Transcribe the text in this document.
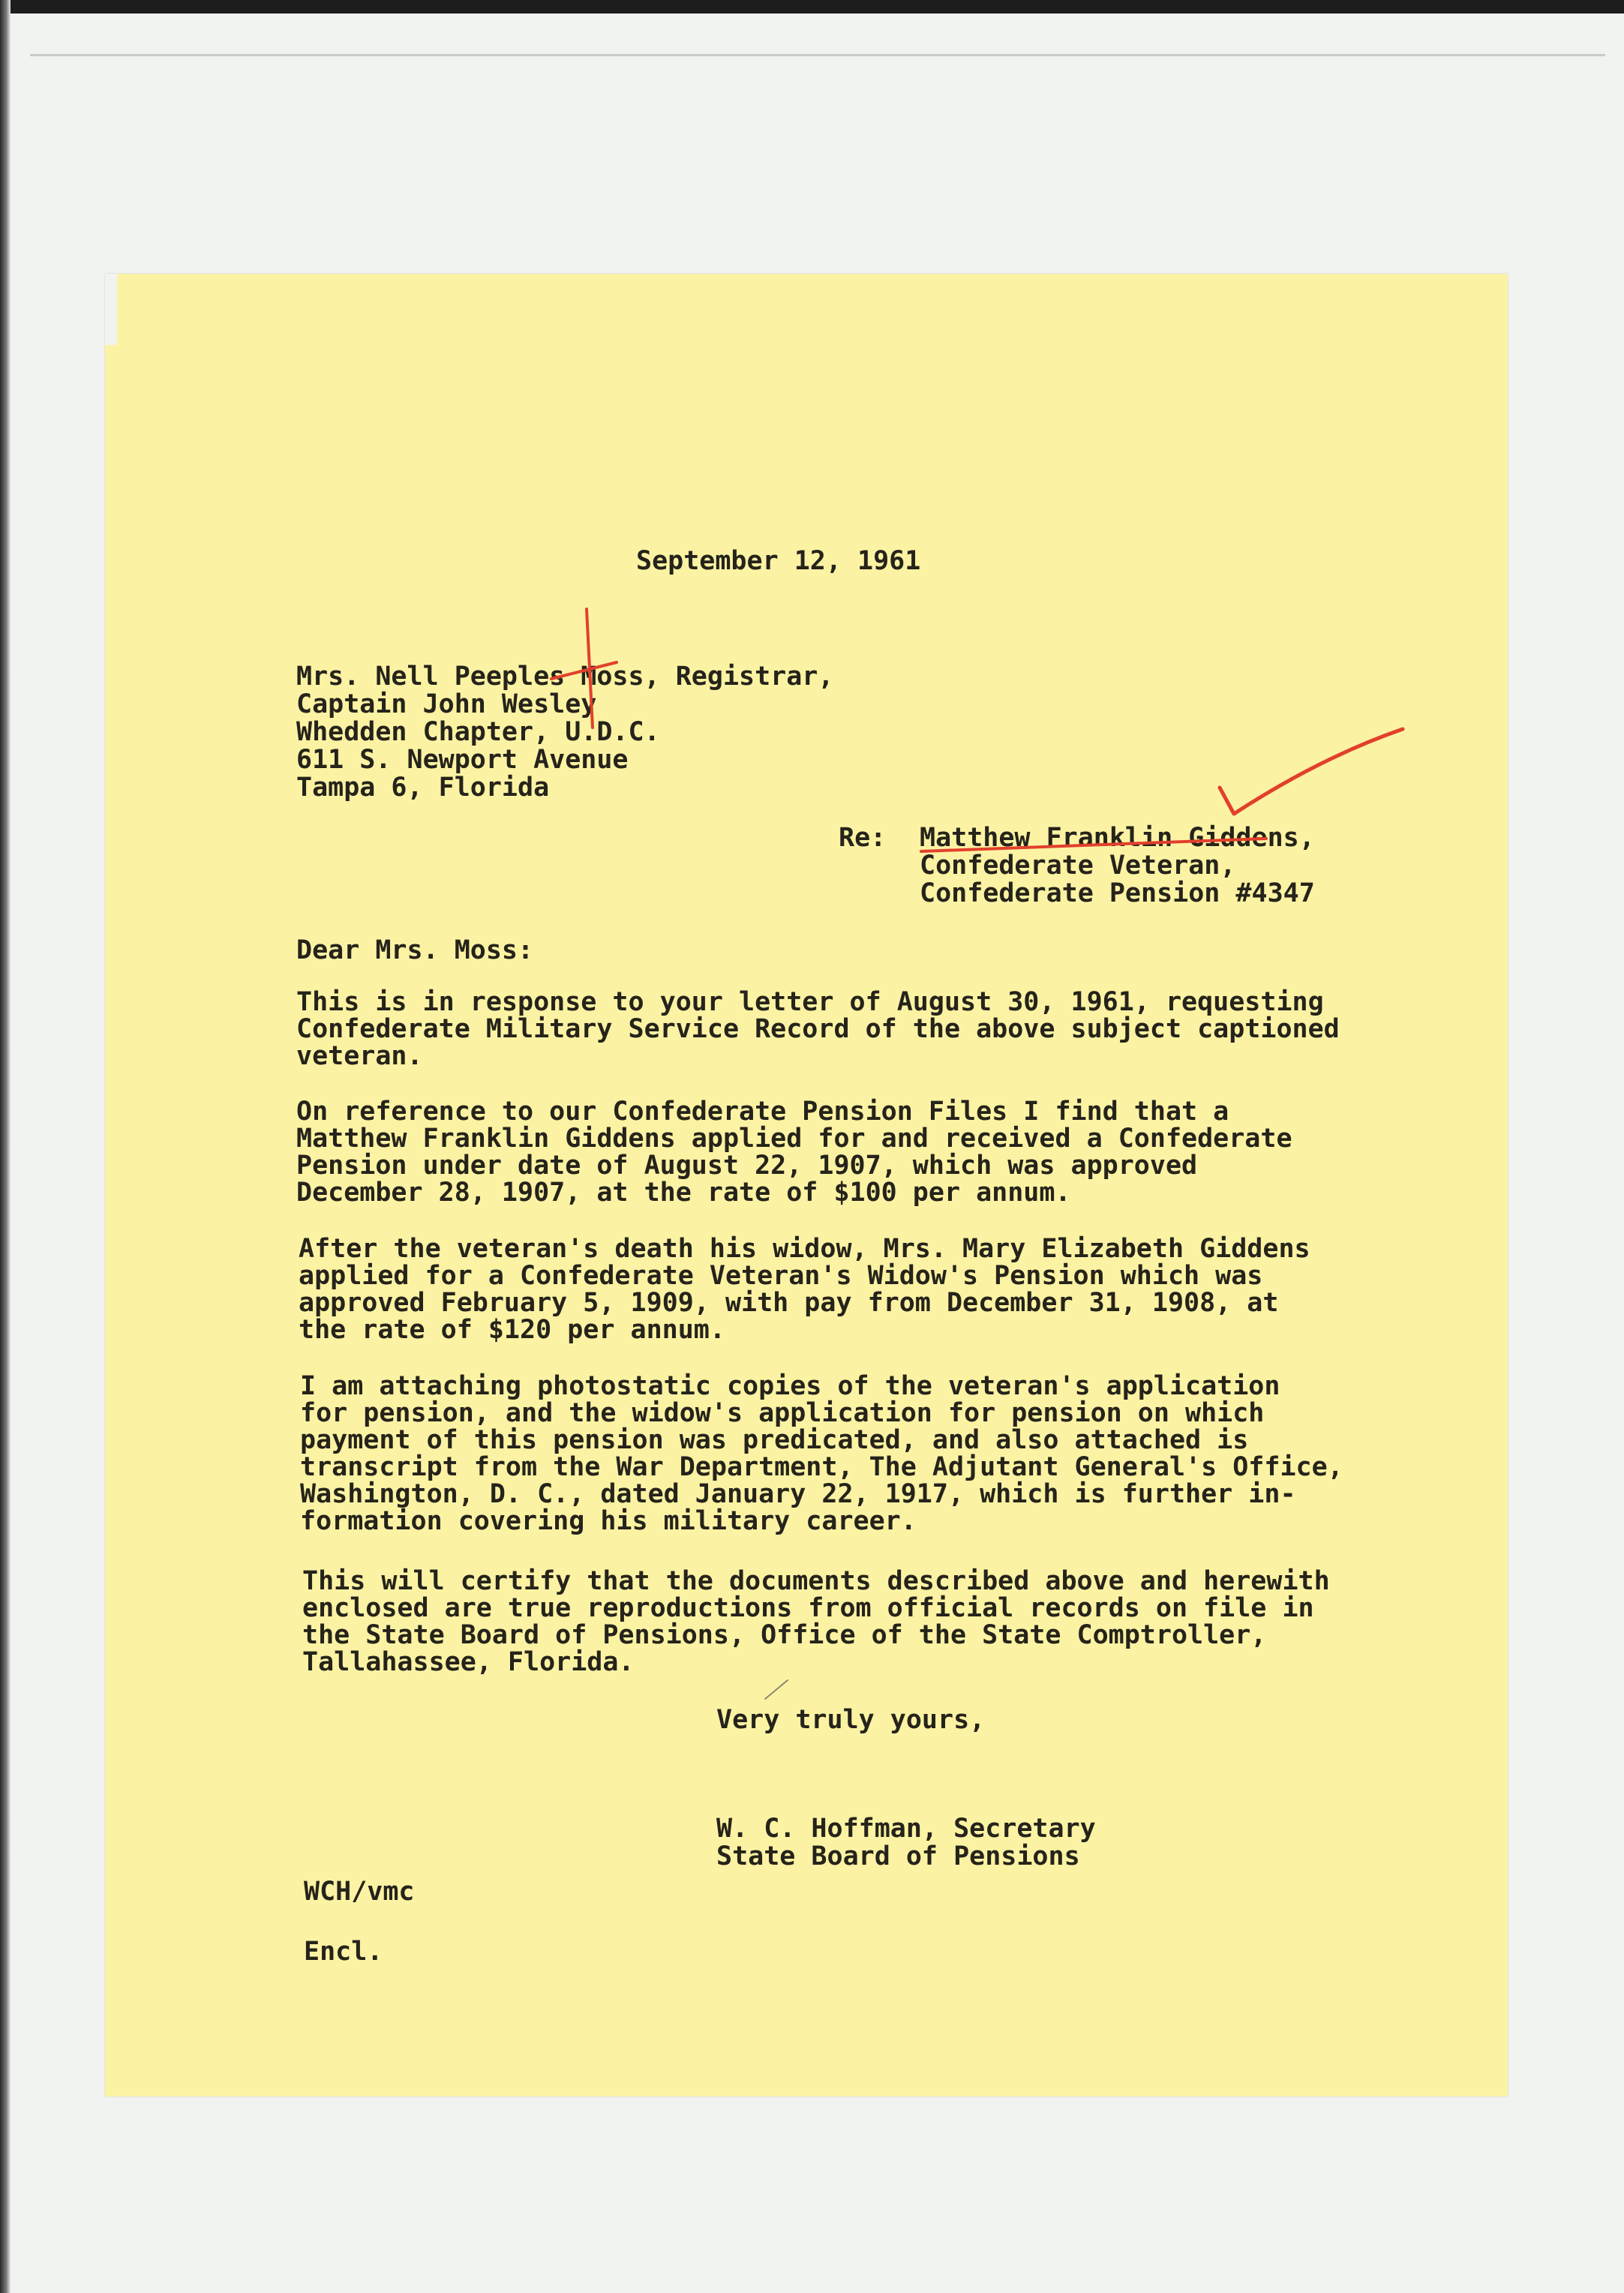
September 12, 1961
Mrs. Nell Peeples Moss, Registrar,
Captain John Wesley
Whedden Chapter, U.D.C.
611 S. Newport Avenue
Tampa 6, Florida
Re: Matthew Franklin Giddens,
Confederate Veteran,
Confederate Pension #4347
Dear Mrs. Moss:
This is in response to your letter of August 30, 1961, requesting
Confederate Military Service Record of the above subject captioned
veteran.
On reference to our Confederate Pension Files I find that a
Matthew Franklin Giddens applied for and received a Confederate
Pension under date of August 22, 1907, which was approved
December 28, 1907, at the rate of $100 per annum.
After the veteran's death his widow, Mrs. Mary Elizabeth Giddens
applied for a Confederate Veteran's Widow's Pension which was
approved February 5, 1909, with pay from December 31, 1908, at
the rate of $120 per annum.
I am attaching photostatic copies of the veteran's application
for pension, and the widow's application for pension on which
payment of this pension was predicated, and also attached is
transcript from the War Department, The Adjutant General's Office,
Washington, D. C., dated January 22, 1917, which is further in-
formation covering his military career.
This will certify that the documents described above and herewith
enclosed are true reproductions from official records on file in
the State Board of Pensions, Office of the State Comptroller,
Tallahassee, Florida.
Very truly yours,
W. C. Hoffman, Secretary
State Board of Pensions
WCH/vmc
Encl.
